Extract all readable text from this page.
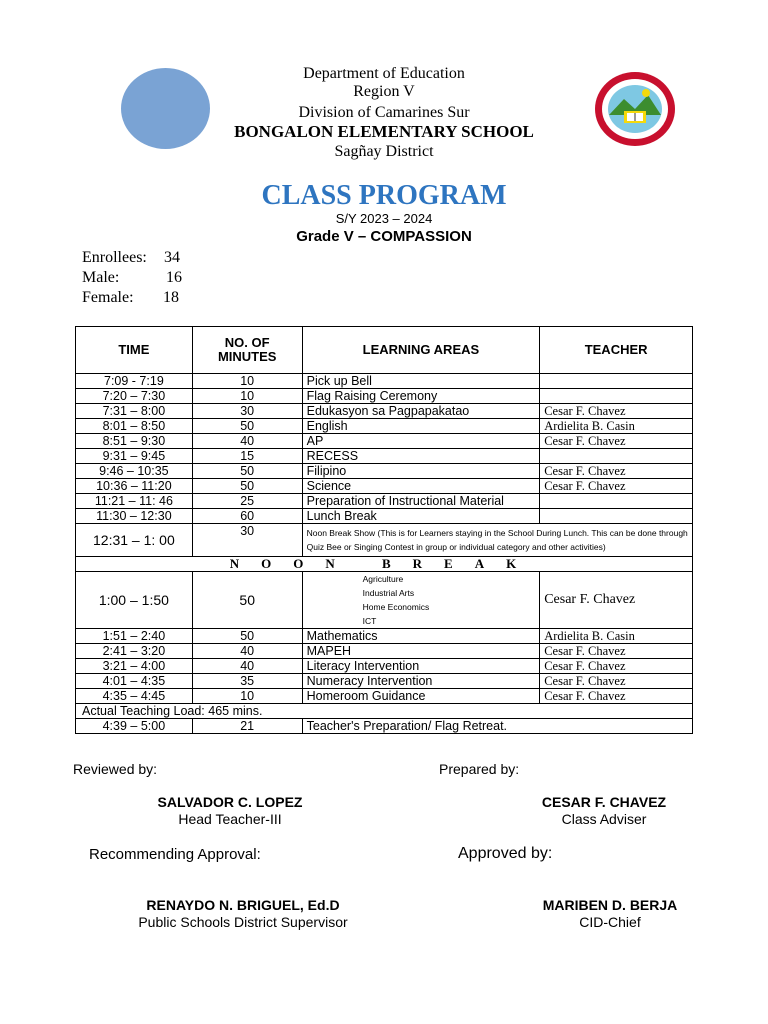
Department of Education
Region V
Division of Camarines Sur
BONGALON ELEMENTARY SCHOOL
Sagñay District
CLASS PROGRAM
S/Y 2023 – 2024
Grade V – COMPASSION
Enrollees: 34
Male:	16
Female: 18
TIME	NO. OF MINUTES	LEARNING AREAS	TEACHER
7:09 - 7:19	10	Pick up Bell	
7:20 – 7:30	10	Flag Raising Ceremony	
7:31 – 8:00	30	Edukasyon sa Pagpapakatao	Cesar F. Chavez
8:01 – 8:50	50	English	Ardielita B. Casin
8:51 – 9:30	40	AP	Cesar F. Chavez
9:31 – 9:45	15	RECESS	
9:46 – 10:35	50	Filipino	Cesar F. Chavez
10:36 – 11:20	50	Science	Cesar F. Chavez
11:21 – 11: 46	25	Preparation of Instructional Material	
11:30 – 12:30	60	Lunch Break	
12:31 – 1: 00	30	Noon Break Show (This is for Learners staying in the School During Lunch. This can be done through Quiz Bee or Singing Contest in group or individual category and other activities)	
NOON BREAK			
1:00 – 1:50	50	Agriculture
Industrial Arts
Home Economics
ICT	Cesar F. Chavez
1:51 – 2:40	50	Mathematics	Ardielita B. Casin
2:41 – 3:20	40	MAPEH	Cesar F. Chavez
3:21 – 4:00	40	Literacy Intervention	Cesar F. Chavez
4:01 – 4:35	35	Numeracy Intervention	Cesar F. Chavez
4:35 – 4:45	10	Homeroom Guidance	Cesar F. Chavez
Actual Teaching Load: 465 mins.			
4:39 – 5:00	21	Teacher's Preparation/ Flag Retreat.	
Reviewed by:	Prepared by:
SALVADOR C. LOPEZ
Head Teacher-III
CESAR F. CHAVEZ
Class Adviser
Recommending Approval:	Approved by:
RENAYDO N. BRIGUEL, Ed.D
Public Schools District Supervisor
MARIBEN D. BERJA
CID-Chief
